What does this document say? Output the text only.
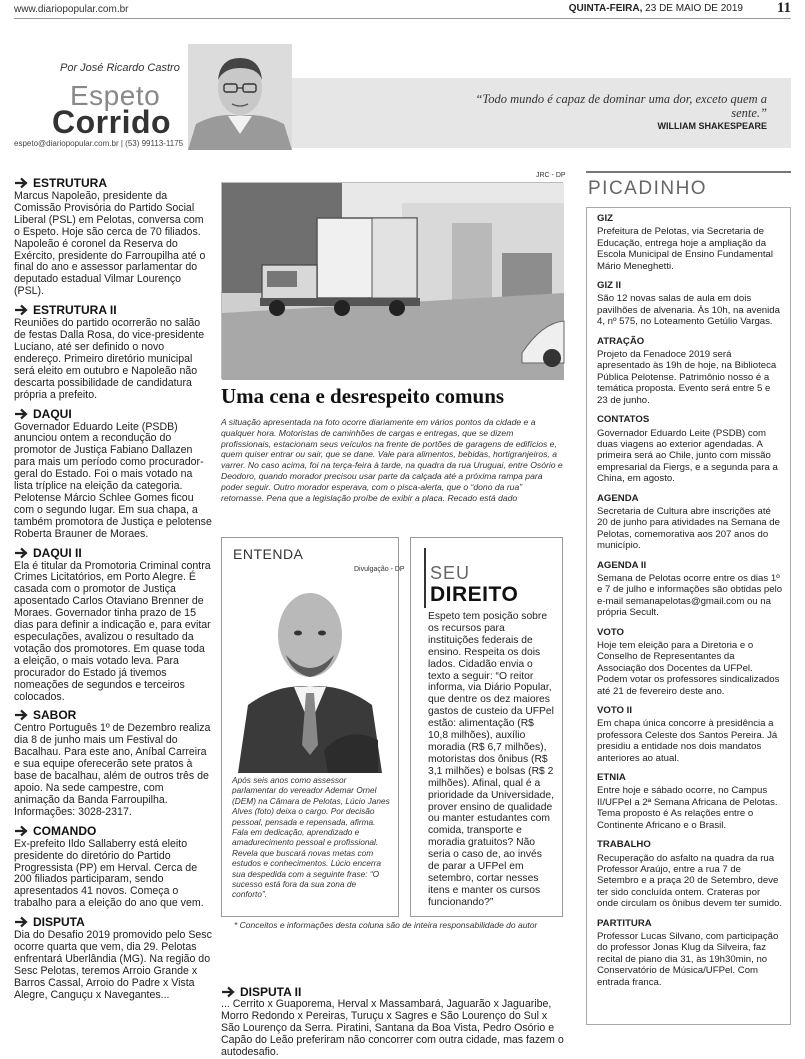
www.diariopopular.com.br	QUINTA-FEIRA, 23 DE MAIO DE 2019 11
Por José Ricardo Castro
Espeto
Corrido
espeto@diariopopular.com.br | (53) 99113-1175
“Todo mundo é capaz de dominar uma dor, exceto quem a sente.”
WILLIAM SHAKESPEARE
ESTRUTURA
Marcus Napoleão, presidente da Comissão Provisória do Partido Social Liberal (PSL) em Pelotas, conversa com o Espeto. Hoje são cerca de 70 filiados. Napoleão é coronel da Reserva do Exército, presidente do Farroupilha até o final do ano e assessor parlamentar do deputado estadual Vilmar Lourenço (PSL).
ESTRUTURA II
Reuniões do partido ocorrerão no salão de festas Dalla Rosa, do vice-presidente Luciano, até ser definido o novo endereço. Primeiro diretório municipal será eleito em outubro e Napoleão não descarta possibilidade de candidatura própria a prefeito.
DAQUI
Governador Eduardo Leite (PSDB) anunciou ontem a recondução do promotor de Justiça Fabiano Dallazen para mais um período como procurador-geral do Estado. Foi o mais votado na lista tríplice na eleição da categoria. Pelotense Márcio Schlee Gomes ficou com o segundo lugar. Em sua chapa, a também promotora de Justiça e pelotense Roberta Brauner de Moraes.
DAQUI II
Ela é titular da Promotoria Criminal contra Crimes Licitatórios, em Porto Alegre. É casada com o promotor de Justiça aposentado Carlos Otaviano Brenner de Moraes. Governador tinha prazo de 15 dias para definir a indicação e, para evitar especulações, avalizou o resultado da votação dos promotores. Em quase toda a eleição, o mais votado leva. Para procurador do Estado já tivemos nomeações de segundos e terceiros colocados.
SABOR
Centro Português 1º de Dezembro realiza dia 8 de junho mais um Festival do Bacalhau. Para este ano, Aníbal Carreira e sua equipe oferecerão sete pratos à base de bacalhau, além de outros três de apoio. Na sede campestre, com animação da Banda Farroupilha. Informações: 3028-2317.
COMANDO
Ex-prefeito Ildo Sallaberry está eleito presidente do diretório do Partido Progressista (PP) em Herval. Cerca de 200 filiados participaram, sendo apresentados 41 novos. Começa o trabalho para a eleição do ano que vem.
DISPUTA
Dia do Desafio 2019 promovido pelo Sesc ocorre quarta que vem, dia 29. Pelotas enfrentará Uberlândia (MG). Na região do Sesc Pelotas, teremos Arroio Grande x Barros Cassal, Arroio do Padre x Vista Alegre, Canguçu x Navegantes...
JRC - DP
Uma cena e desrespeito comuns
A situação apresentada na foto ocorre diariamente em vários pontos da cidade e a qualquer hora. Motoristas de caminhões de cargas e entregas, que se dizem profissionais, estacionam seus veículos na frente de portões de garagens de edifícios e, quem quiser entrar ou sair, que se dane. Vale para alimentos, bebidas, hortigranjeiros, a varrer. No caso acima, foi na terça-feira à tarde, na quadra da rua Uruguai, entre Osório e Deodoro, quando morador precisou usar parte da calçada até a próxima rampa para poder seguir. Outro morador esperava, com o pisca-alerta, que o “dono da rua” retornasse. Pena que a legislação proíbe de exibir a placa. Recado está dado
ENTENDA
Divulgação - DP
Após seis anos como assessor parlamentar do vereador Ademar Ornel (DEM) na Câmara de Pelotas, Lúcio Janes Alves (foto) deixa o cargo. Por decisão pessoal, pensada e repensada, afirma. Fala em dedicação, aprendizado e amadurecimento pessoal e profissional. Revela que buscará novas metas com estudos e conhecimentos. Lúcio encerra sua despedida com a seguinte frase: “O sucesso está fora da sua zona de conforto”.
SEU
DIREITO
Espeto tem posição sobre os recursos para instituições federais de ensino. Respeita os dois lados. Cidadão envia o texto a seguir: “O reitor informa, via Diário Popular, que dentre os dez maiores gastos de custeio da UFPel estão: alimentação (R$ 10,8 milhões), auxílio moradia (R$ 6,7 milhões), motoristas dos ônibus (R$ 3,1 milhões) e bolsas (R$ 2 milhões). Afinal, qual é a prioridade da Universidade, prover ensino de qualidade ou manter estudantes com comida, transporte e moradia gratuitos? Não seria o caso de, ao invés de parar a UFPel em setembro, cortar nesses itens e manter os cursos funcionando?”
* Conceitos e informações desta coluna são de inteira responsabilidade do autor
DISPUTA II
... Cerrito x Guaporema, Herval x Massambará, Jaguarão x Jaguaribe, Morro Redondo x Pereiras, Turuçu x Sagres e São Lourenço do Sul x São Lourenço da Serra. Piratini, Santana da Boa Vista, Pedro Osório e Capão do Leão preferiram não concorrer com outra cidade, mas fazem o autodesafio.
PICADINHO
GIZ
Prefeitura de Pelotas, via Secretaria de Educação, entrega hoje a ampliação da Escola Municipal de Ensino Fundamental Mário Meneghetti.
GIZ II
São 12 novas salas de aula em dois pavilhões de alvenaria. Às 10h, na avenida 4, nº 575, no Loteamento Getúlio Vargas.
ATRAÇÃO
Projeto da Fenadoce 2019 será apresentado às 19h de hoje, na Biblioteca Pública Pelotense. Patrimônio nosso é a temática proposta. Evento será entre 5 e 23 de junho.
CONTATOS
Governador Eduardo Leite (PSDB) com duas viagens ao exterior agendadas. A primeira será ao Chile, junto com missão empresarial da Fiergs, e a segunda para a China, em agosto.
AGENDA
Secretaria de Cultura abre inscrições até 20 de junho para atividades na Semana de Pelotas, comemorativa aos 207 anos do município.
AGENDA II
Semana de Pelotas ocorre entre os dias 1º e 7 de julho e informações são obtidas pelo e-mail semanapelotas@gmail.com ou na própria Secult.
VOTO
Hoje tem eleição para a Diretoria e o Conselho de Representantes da Associação dos Docentes da UFPel. Podem votar os professores sindicalizados até 21 de fevereiro deste ano.
VOTO II
Em chapa única concorre à presidência a professora Celeste dos Santos Pereira. Já presidiu a entidade nos dois mandatos anteriores ao atual.
ETNIA
Entre hoje e sábado ocorre, no Campus II/UFPel a 2ª Semana Africana de Pelotas. Tema proposto é As relações entre o Continente Africano e o Brasil.
TRABALHO
Recuperação do asfalto na quadra da rua Professor Araújo, entre a rua 7 de Setembro e a praça 20 de Setembro, deve ter sido concluída ontem. Crateras por onde circulam os ônibus devem ter sumido.
PARTITURA
Professor Lucas Silvano, com participação do professor Jonas Klug da Silveira, faz recital de piano dia 31, às 19h30min, no Conservatório de Música/UFPel. Com entrada franca.
